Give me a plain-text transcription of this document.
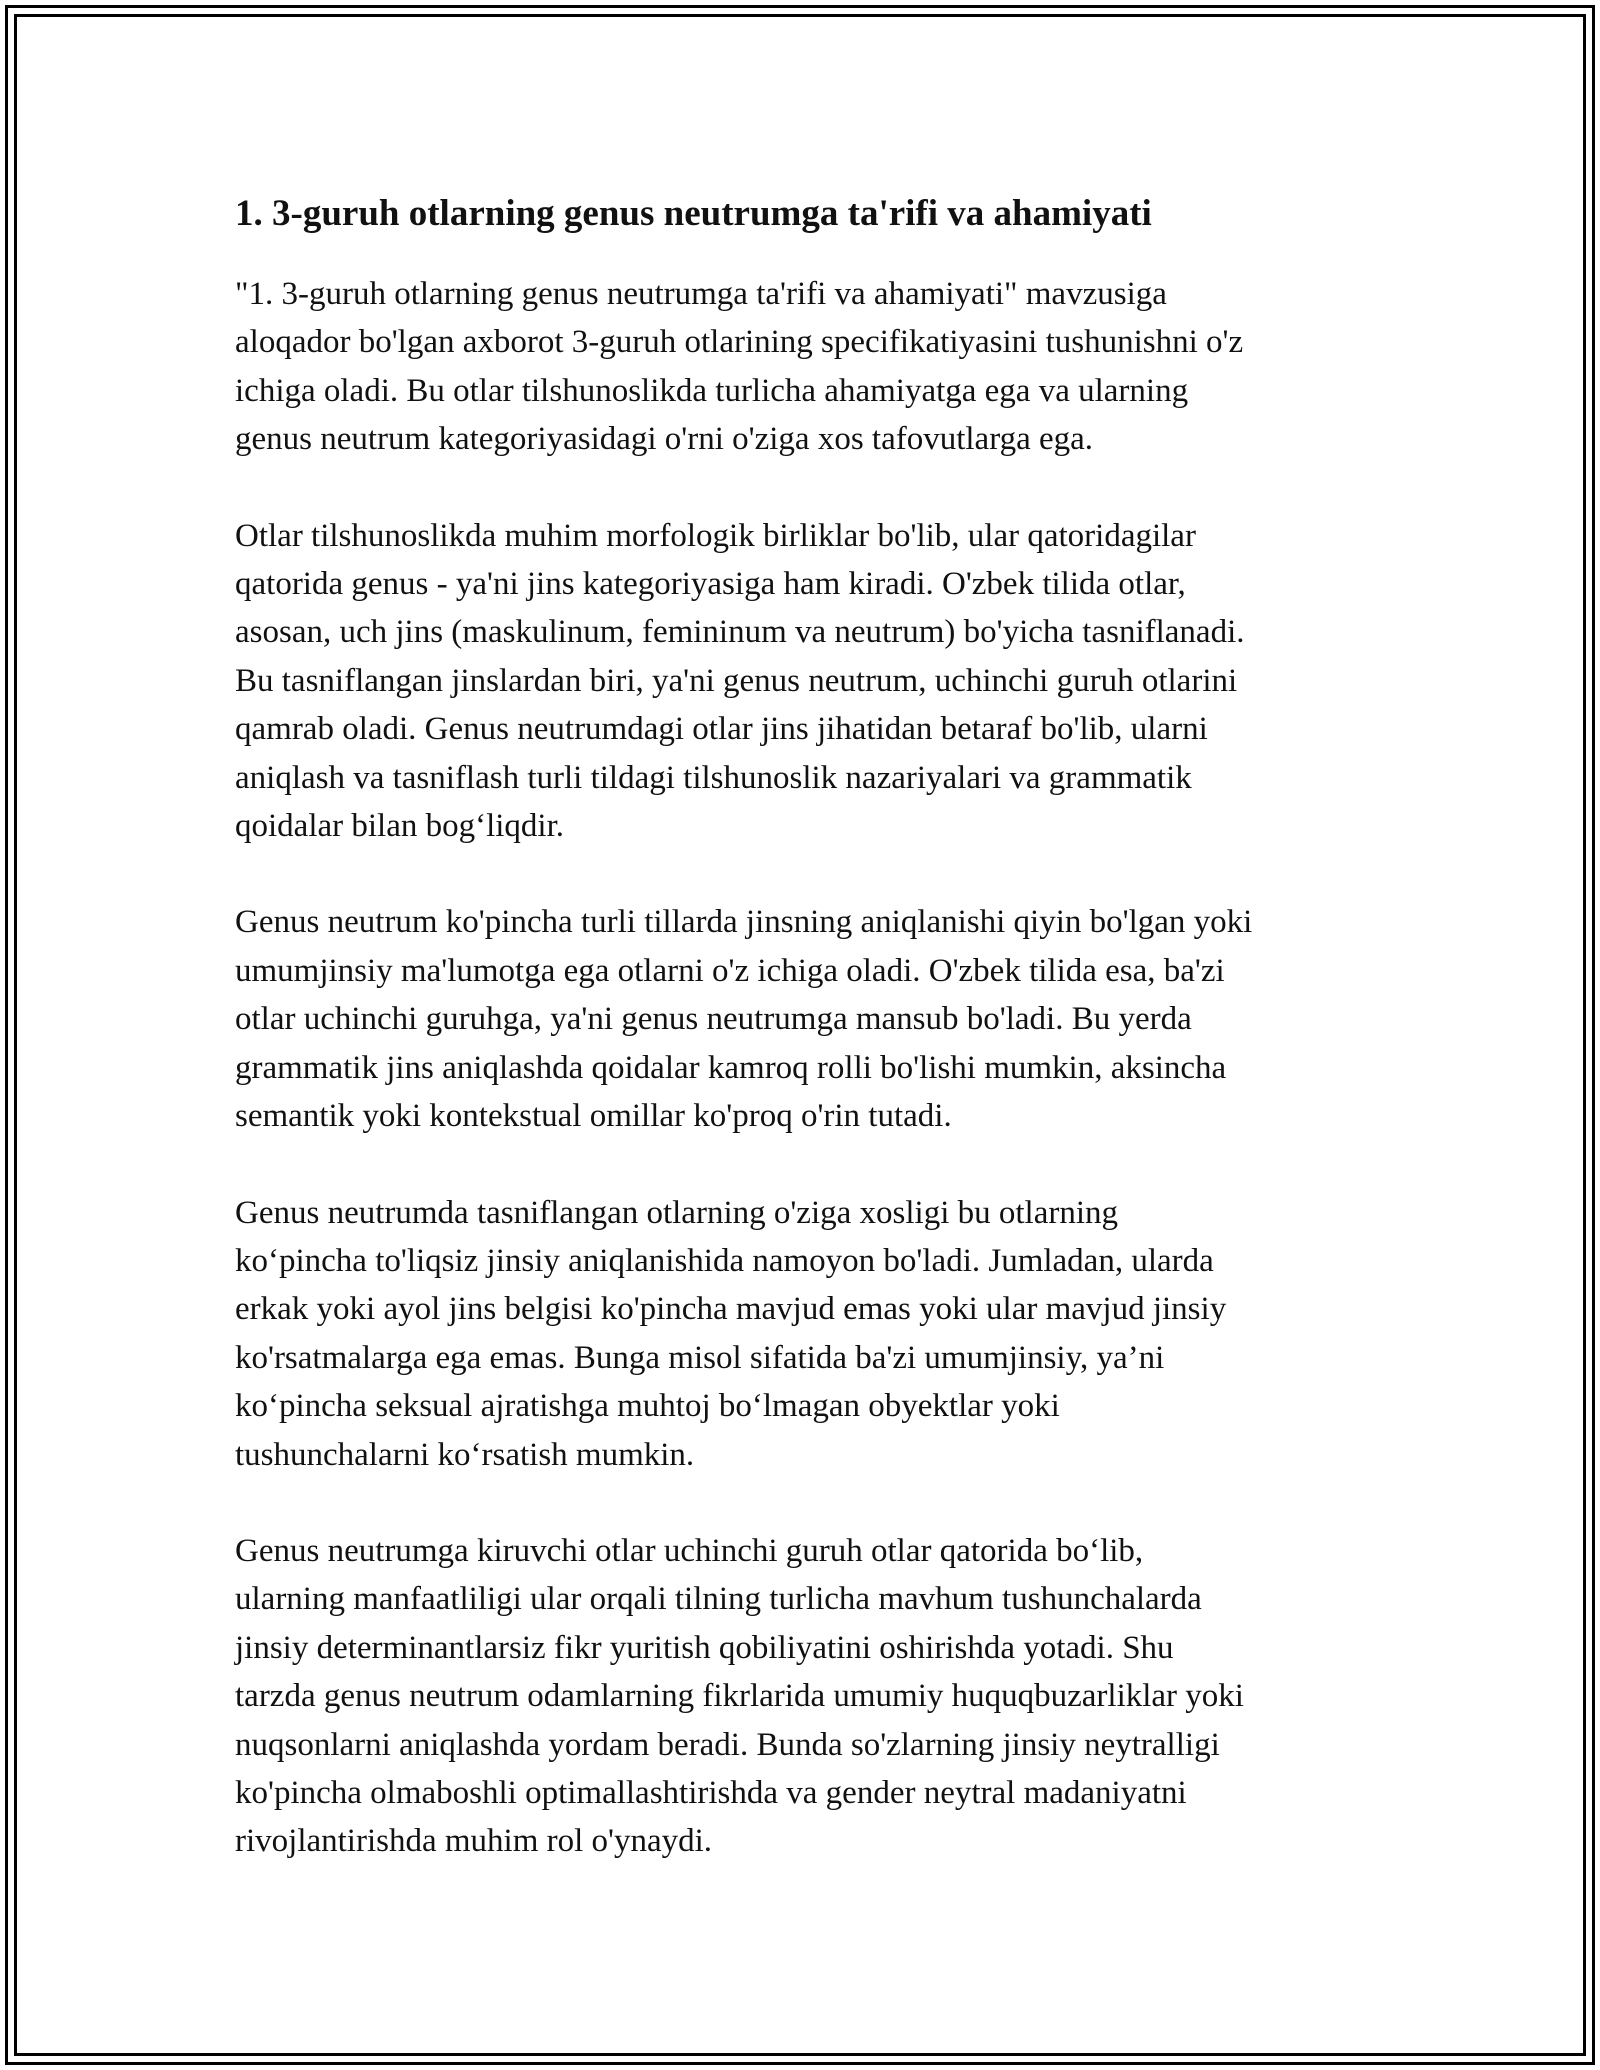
1. 3-guruh otlarning genus neutrumga ta'rifi va ahamiyati

"1. 3-guruh otlarning genus neutrumga ta'rifi va ahamiyati" mavzusiga
aloqador bo'lgan axborot 3-guruh otlarining specifikatiyasini tushunishni o'z
ichiga oladi. Bu otlar tilshunoslikda turlicha ahamiyatga ega va ularning
genus neutrum kategoriyasidagi o'rni o'ziga xos tafovutlarga ega.

Otlar tilshunoslikda muhim morfologik birliklar bo'lib, ular qatoridagilar
qatorida genus - ya'ni jins kategoriyasiga ham kiradi. O'zbek tilida otlar,
asosan, uch jins (maskulinum, femininum va neutrum) bo'yicha tasniflanadi.
Bu tasniflangan jinslardan biri, ya'ni genus neutrum, uchinchi guruh otlarini
qamrab oladi. Genus neutrumdagi otlar jins jihatidan betaraf bo'lib, ularni
aniqlash va tasniflash turli tildagi tilshunoslik nazariyalari va grammatik
qoidalar bilan bog‘liqdir.

Genus neutrum ko'pincha turli tillarda jinsning aniqlanishi qiyin bo'lgan yoki
umumjinsiy ma'lumotga ega otlarni o'z ichiga oladi. O'zbek tilida esa, ba'zi
otlar uchinchi guruhga, ya'ni genus neutrumga mansub bo'ladi. Bu yerda
grammatik jins aniqlashda qoidalar kamroq rolli bo'lishi mumkin, aksincha
semantik yoki kontekstual omillar ko'proq o'rin tutadi.

Genus neutrumda tasniflangan otlarning o'ziga xosligi bu otlarning
ko‘pincha to'liqsiz jinsiy aniqlanishida namoyon bo'ladi. Jumladan, ularda
erkak yoki ayol jins belgisi ko'pincha mavjud emas yoki ular mavjud jinsiy
ko'rsatmalarga ega emas. Bunga misol sifatida ba'zi umumjinsiy, ya’ni
ko‘pincha seksual ajratishga muhtoj bo‘lmagan obyektlar yoki
tushunchalarni ko‘rsatish mumkin.

Genus neutrumga kiruvchi otlar uchinchi guruh otlar qatorida bo‘lib,
ularning manfaatliligi ular orqali tilning turlicha mavhum tushunchalarda
jinsiy determinantlarsiz fikr yuritish qobiliyatini oshirishda yotadi. Shu
tarzda genus neutrum odamlarning fikrlarida umumiy huquqbuzarliklar yoki
nuqsonlarni aniqlashda yordam beradi. Bunda so'zlarning jinsiy neytralligi
ko'pincha olmaboshli optimallashtirishda va gender neytral madaniyatni
rivojlantirishda muhim rol o'ynaydi.
